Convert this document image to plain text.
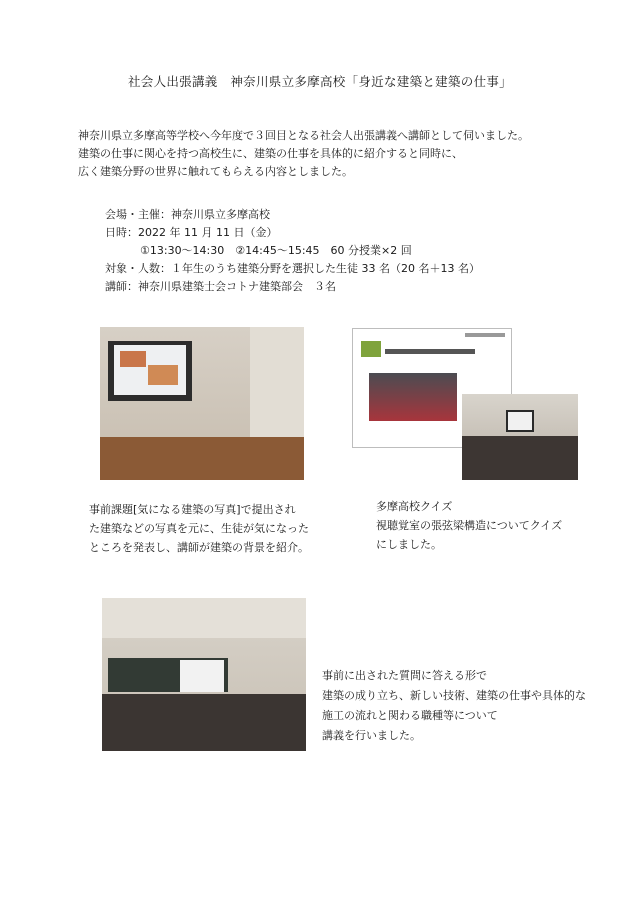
社会人出張講義　神奈川県立多摩高校「身近な建築と建築の仕事」
神奈川県立多摩高等学校へ今年度で３回目となる社会人出張講義へ講師として伺いました。
建築の仕事に関心を持つ高校生に、建築の仕事を具体的に紹介すると同時に、
広く建築分野の世界に触れてもらえる内容としました。
会場・主催：神奈川県立多摩高校
日時：2022 年 11 月 11 日（金）
①13:30～14:30　②14:45～15:45　60 分授業×2 回
対象・人数：１年生のうち建築分野を選択した生徒 33 名（20 名＋13 名）
講師：神奈川県建築士会コトナ建築部会　３名
事前課題[気になる建築の写真]で提出され
た建築などの写真を元に、生徒が気になった
ところを発表し、講師が建築の背景を紹介。
多摩高校クイズ
視聴覚室の張弦梁構造についてクイズ
にしました。
事前に出された質問に答える形で
建築の成り立ち、新しい技術、建築の仕事や具体的な
施工の流れと関わる職種等について
講義を行いました。
